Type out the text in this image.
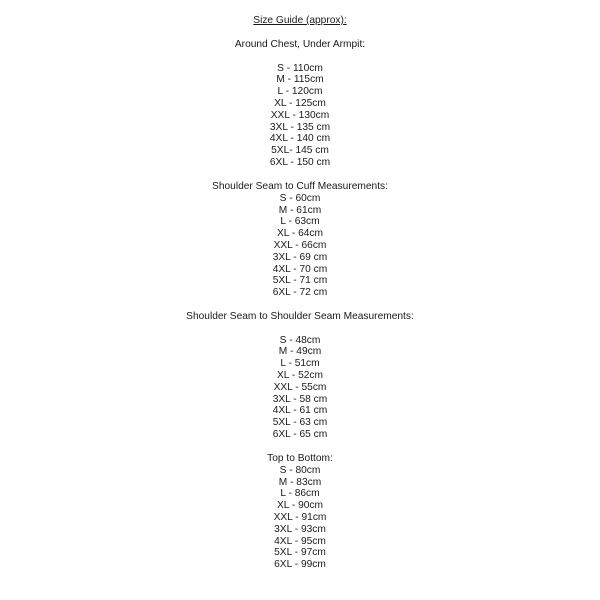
Size Guide (approx):
Around Chest, Under Armpit:
S - 110cm
M - 115cm
L - 120cm
XL - 125cm
XXL - 130cm
3XL - 135 cm
4XL - 140 cm
5XL- 145 cm
6XL - 150 cm
Shoulder Seam to Cuff Measurements:
S - 60cm
M - 61cm
L - 63cm
XL - 64cm
XXL - 66cm
3XL - 69 cm
4XL - 70 cm
5XL - 71 cm
6XL - 72 cm
Shoulder Seam to Shoulder Seam Measurements:
S - 48cm
M - 49cm
L - 51cm
XL - 52cm
XXL - 55cm
3XL - 58 cm
4XL - 61 cm
5XL - 63 cm
6XL - 65 cm
Top to Bottom:
S - 80cm
M - 83cm
L - 86cm
XL - 90cm
XXL - 91cm
3XL - 93cm
4XL - 95cm
5XL - 97cm
6XL - 99cm
